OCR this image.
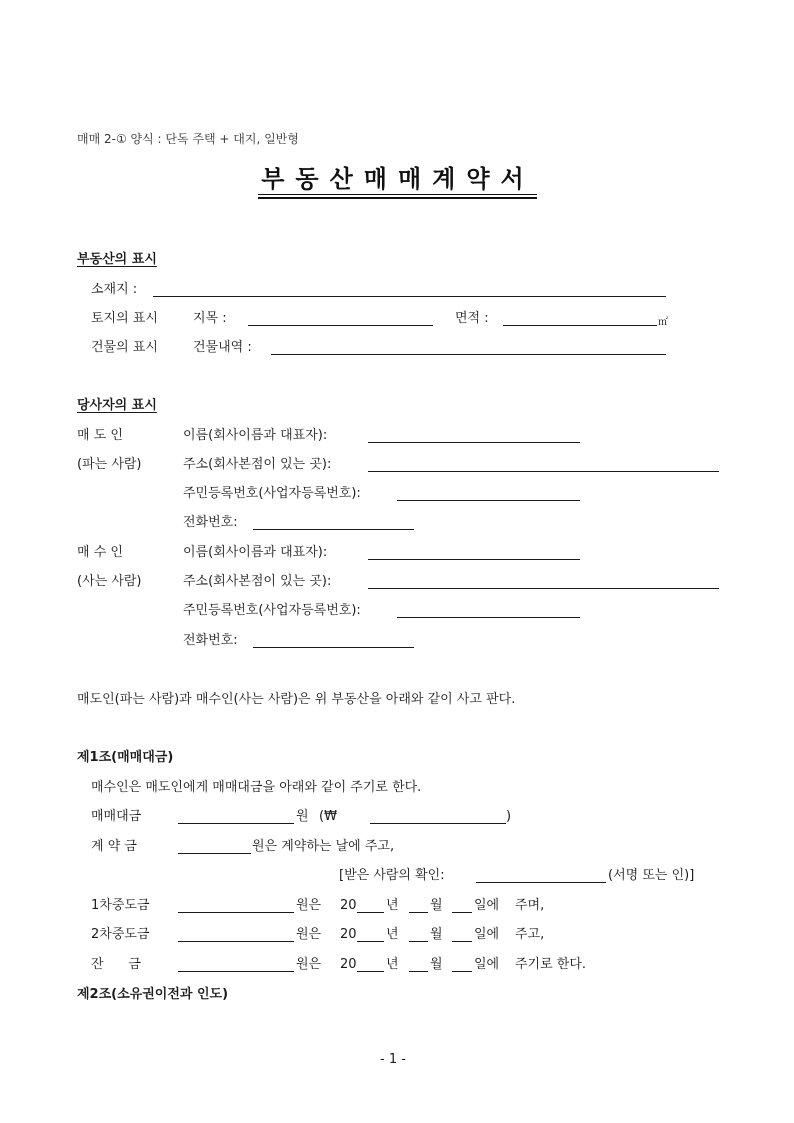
매매 2-① 양식 : 단독 주택 + 대지, 일반형
부동산매매계약서
부동산의 표시
소재지 :
토지의 표시	지목 :	면적 :	㎡
건물의 표시	건물내역 :
당사자의 표시
매 도 인	이름(회사이름과 대표자):
(파는 사람)	주소(회사본점이 있는 곳):
주민등록번호(사업자등록번호):
전화번호:
매 수 인	이름(회사이름과 대표자):
(사는 사람)	주소(회사본점이 있는 곳):
주민등록번호(사업자등록번호):
전화번호:
매도인(파는 사람)과 매수인(사는 사람)은 위 부동산을 아래와 같이 사고 판다.
제1조(매매대금)
매수인은 매도인에게 매매대금을 아래와 같이 주기로 한다.
매매대금	원 (₩	)
계 약 금	원은 계약하는 날에 주고,
[받은 사람의 확인:	(서명 또는 인)]
1차중도금	원은 20 년 월 일에 주며,
2차중도금	원은 20 년 월 일에 주고,
잔      금	원은 20 년 월 일에 주기로 한다.
제2조(소유권이전과 인도)
- 1 -
